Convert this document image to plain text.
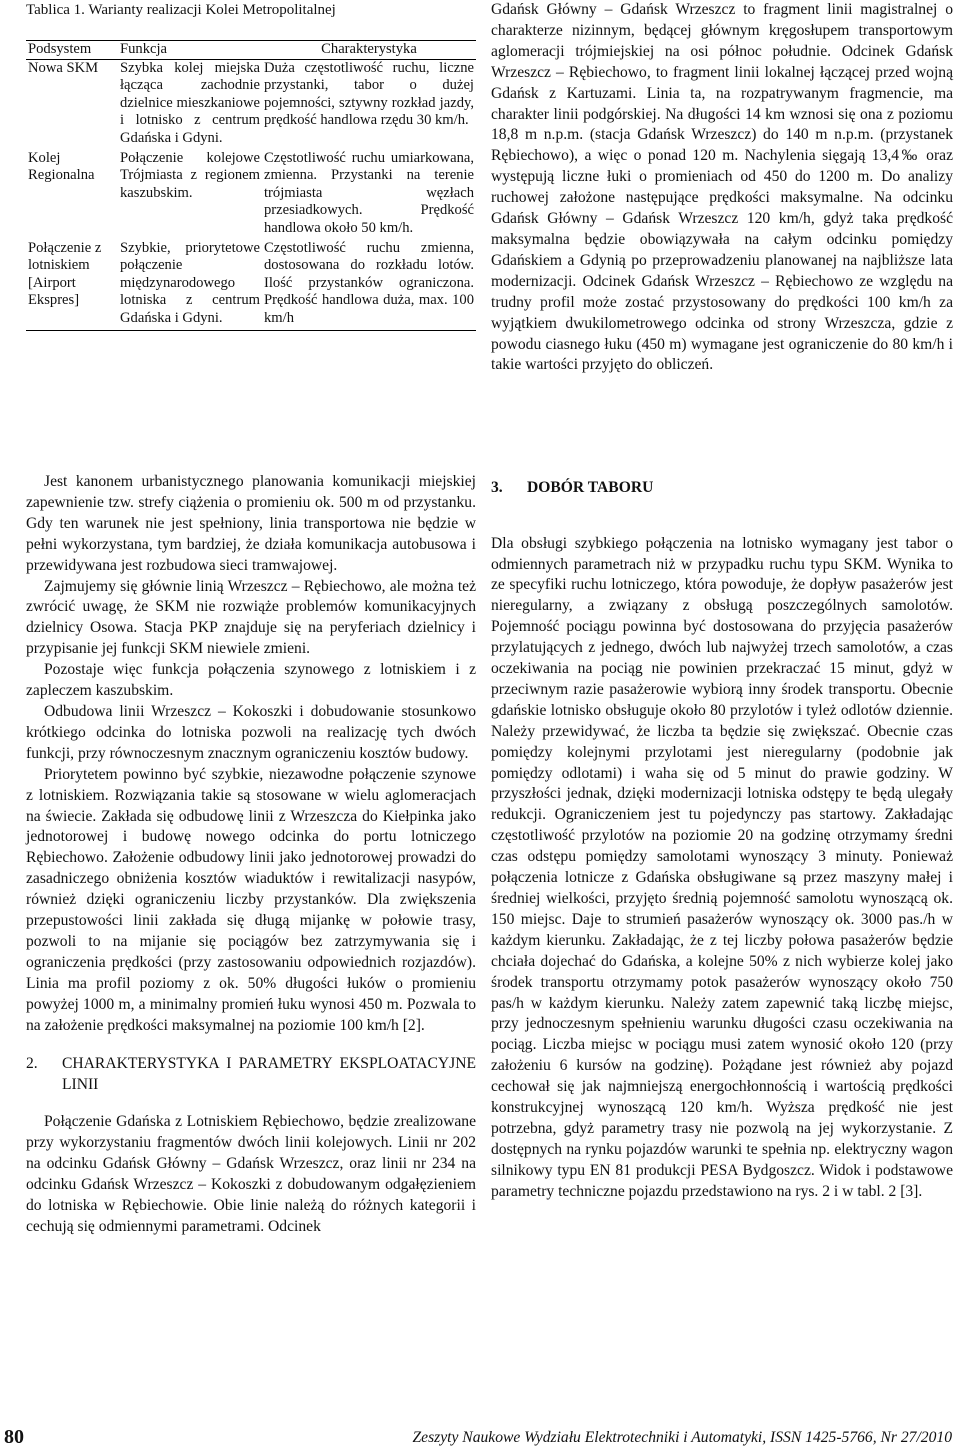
Tablica 1. Warianty realizacji Kolei Metropolitalnej

Podsystem	Funkcja	Charakterystyka
Nowa SKM	Szybka kolej miejska łącząca zachodnie dzielnice mieszkaniowe i lotnisko z centrum Gdańska i Gdyni.	Duża częstotliwość ruchu, liczne przystanki, tabor o dużej pojemności, sztywny rozkład jazdy, prędkość handlowa rzędu 30 km/h.
Kolej Regionalna	Połączenie kolejowe Trójmiasta z regionem kaszubskim.	Częstotliwość ruchu umiarkowana, zmienna. Przystanki na terenie trójmiasta węzłach przesiadkowych. Prędkość handlowa około 50 km/h.
Połączenie z lotniskiem [Airport Ekspres]	Szybkie, priorytetowe połączenie międzynarodowego lotniska z centrum Gdańska i Gdyni.	Częstotliwość ruchu zmienna, dostosowana do rozkładu lotów. Ilość przystanków ograniczona. Prędkość handlowa duża, max. 100 km/h

Jest kanonem urbanistycznego planowania komunikacji miejskiej zapewnienie tzw. strefy ciążenia o promieniu ok. 500 m od przystanku. Gdy ten warunek nie jest spełniony, linia transportowa nie będzie w pełni wykorzystana, tym bardziej, że działa komunikacja autobusowa i przewidywana jest rozbudowa sieci tramwajowej.

Zajmujemy się głównie linią Wrzeszcz – Rębiechowo, ale można też zwrócić uwagę, że SKM nie rozwiąże problemów komunikacyjnych dzielnicy Osowa. Stacja PKP znajduje się na peryferiach dzielnicy i przypisanie jej funkcji SKM niewiele zmieni.

Pozostaje więc funkcja połączenia szynowego z lotniskiem i z zapleczem kaszubskim.

Odbudowa linii Wrzeszcz – Kokoszki i dobudowanie stosunkowo krótkiego odcinka do lotniska pozwoli na realizację tych dwóch funkcji, przy równoczesnym znacznym ograniczeniu kosztów budowy.

Priorytetem powinno być szybkie, niezawodne połączenie szynowe z lotniskiem. Rozwiązania takie są stosowane w wielu aglomeracjach na świecie. Zakłada się odbudowę linii z Wrzeszcza do Kiełpinka jako jednotorowej i budowę nowego odcinka do portu lotniczego Rębiechowo. Założenie odbudowy linii jako jednotorowej prowadzi do zasadniczego obniżenia kosztów wiaduktów i rewitalizacji nasypów, również dzięki ograniczeniu liczby przystanków. Dla zwiększenia przepustowości linii zakłada się długą mijankę w połowie trasy, pozwoli to na mijanie się pociągów bez zatrzymywania się i ograniczenia prędkości (przy zastosowaniu odpowiednich rozjazdów). Linia ma profil poziomy z ok. 50% długości łuków o promieniu powyżej 1000 m, a minimalny promień łuku wynosi 450 m. Pozwala to na założenie prędkości maksymalnej na poziomie 100 km/h [2].

2.	CHARAKTERYSTYKA I PARAMETRY EKSPLOATACYJNE LINII

Połączenie Gdańska z Lotniskiem Rębiechowo, będzie zrealizowane przy wykorzystaniu fragmentów dwóch linii kolejowych. Linii nr 202 na odcinku Gdańsk Główny – Gdańsk Wrzeszcz, oraz linii nr 234 na odcinku Gdańsk Wrzeszcz – Kokoszki z dobudowanym odgałęzieniem do lotniska w Rębiechowie. Obie linie należą do różnych kategorii i cechują się odmiennymi parametrami. Odcinek

Gdańsk Główny – Gdańsk Wrzeszcz to fragment linii magistralnej o charakterze nizinnym, będącej głównym kręgosłupem transportowym aglomeracji trójmiejskiej na osi północ południe. Odcinek Gdańsk Wrzeszcz – Rębiechowo, to fragment linii lokalnej łączącej przed wojną Gdańsk z Kartuzami. Linia ta, na rozpatrywanym fragmencie, ma charakter linii podgórskiej. Na długości 14 km wznosi się ona z poziomu 18,8 m n.p.m. (stacja Gdańsk Wrzeszcz) do 140 m n.p.m. (przystanek Rębiechowo), a więc o ponad 120 m. Nachylenia sięgają 13,4‰ oraz występują liczne łuki o promieniach od 450 do 1200 m. Do analizy ruchowej założone następujące prędkości maksymalne. Na odcinku Gdańsk Główny – Gdańsk Wrzeszcz 120 km/h, gdyż taka prędkość maksymalna będzie obowiązywała na całym odcinku pomiędzy Gdańskiem a Gdynią po przeprowadzeniu planowanej na najbliższe lata modernizacji. Odcinek Gdańsk Wrzeszcz – Rębiechowo ze względu na trudny profil może zostać przystosowany do prędkości 100 km/h za wyjątkiem dwukilometrowego odcinka od strony Wrzeszcza, gdzie z powodu ciasnego łuku (450 m) wymagane jest ograniczenie do 80 km/h i takie wartości przyjęto do obliczeń.

3.	DOBÓR TABORU

Dla obsługi szybkiego połączenia na lotnisko wymagany jest tabor o odmiennych parametrach niż w przypadku ruchu typu SKM. Wynika to ze specyfiki ruchu lotniczego, która powoduje, że dopływ pasażerów jest nieregularny, a związany z obsługą poszczególnych samolotów. Pojemność pociągu powinna być dostosowana do przyjęcia pasażerów przylatujących z jednego, dwóch lub najwyżej trzech samolotów, a czas oczekiwania na pociąg nie powinien przekraczać 15 minut, gdyż w przeciwnym razie pasażerowie wybiorą inny środek transportu. Obecnie gdańskie lotnisko obsługuje około 80 przylotów i tyleż odlotów dziennie. Należy przewidywać, że liczba ta będzie się zwiększać. Obecnie czas pomiędzy kolejnymi przylotami jest nieregularny (podobnie jak pomiędzy odlotami) i waha się od 5 minut do prawie godziny. W przyszłości jednak, dzięki modernizacji lotniska odstępy te będą ulegały redukcji. Ograniczeniem jest tu pojedynczy pas startowy. Zakładając częstotliwość przylotów na poziomie 20 na godzinę otrzymamy średni czas odstępu pomiędzy samolotami wynoszący 3 minuty. Ponieważ połączenia lotnicze z Gdańska obsługiwane są przez maszyny małej i średniej wielkości, przyjęto średnią pojemność samolotu wynoszącą ok. 150 miejsc. Daje to strumień pasażerów wynoszący ok. 3000 pas./h w każdym kierunku. Zakładając, że z tej liczby połowa pasażerów będzie chciała dojechać do Gdańska, a kolejne 50% z nich wybierze kolej jako środek transportu otrzymamy potok pasażerów wynoszący około 750 pas/h w każdym kierunku. Należy zatem zapewnić taką liczbę miejsc, przy jednoczesnym spełnieniu warunku długości czasu oczekiwania na pociąg. Liczba miejsc w pociągu musi zatem wynosić około 120 (przy założeniu 6 kursów na godzinę). Pożądane jest również aby pojazd cechował się jak najmniejszą energochłonnością i wartością prędkości konstrukcyjnej wynoszącą 120 km/h. Wyższa prędkość nie jest potrzebna, gdyż parametry trasy nie pozwolą na jej wykorzystanie. Z dostępnych na rynku pojazdów warunki te spełnia np. elektryczny wagon silnikowy typu EN 81 produkcji PESA Bydgoszcz. Widok i podstawowe parametry techniczne pojazdu przedstawiono na rys. 2 i w tabl. 2 [3].

80	Zeszyty Naukowe Wydziału Elektrotechniki i Automatyki, ISSN 1425-5766, Nr 27/2010
